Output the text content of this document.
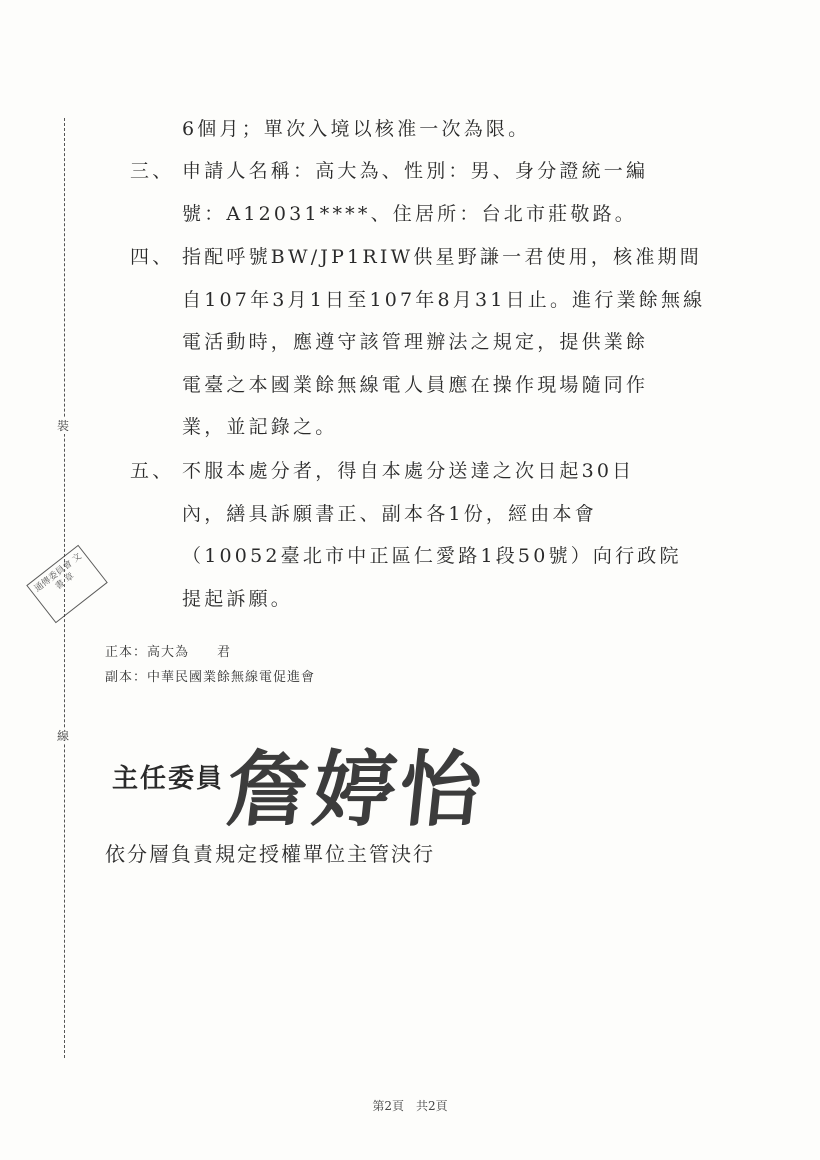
裝
線
通傳委員會 文 書 章
6個月；單次入境以核准一次為限。
三、 申請人名稱：高大為、性別：男、身分證統一編
號：A12031****、住居所：台北市莊敬路。
四、 指配呼號BW/JP1RIW供星野謙一君使用，核准期間
自107年3月1日至107年8月31日止。進行業餘無線
電活動時，應遵守該管理辦法之規定，提供業餘
電臺之本國業餘無線電人員應在操作現場隨同作
業，並記錄之。
五、 不服本處分者，得自本處分送達之次日起30日
內，繕具訴願書正、副本各1份，經由本會
（10052臺北市中正區仁愛路1段50號）向行政院
提起訴願。
正本：高大為　　君
副本：中華民國業餘無線電促進會
主任委員
詹婷怡
依分層負責規定授權單位主管決行
第2頁　共2頁
